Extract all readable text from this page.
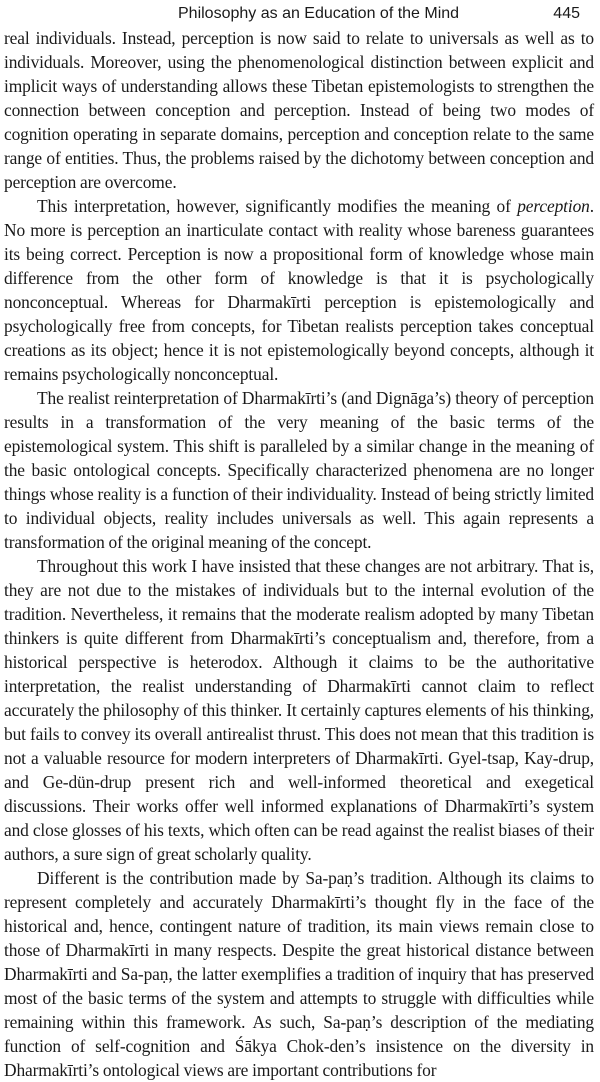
Philosophy as an Education of the Mind	445

real individuals. Instead, perception is now said to relate to universals as well as to individuals. Moreover, using the phenomenological distinction between explicit and implicit ways of understanding allows these Tibetan epistemologists to strengthen the connection between conception and perception. Instead of being two modes of cognition operating in separate domains, perception and conception relate to the same range of entities. Thus, the problems raised by the dichotomy between conception and perception are overcome.

This interpretation, however, significantly modifies the meaning of perception. No more is perception an inarticulate contact with reality whose bareness guarantees its being correct. Perception is now a propositional form of knowledge whose main difference from the other form of knowledge is that it is psychologically nonconceptual. Whereas for Dharmakīrti perception is epistemologically and psychologically free from concepts, for Tibetan realists perception takes conceptual creations as its object; hence it is not epistemologically beyond concepts, although it remains psychologically nonconceptual.

The realist reinterpretation of Dharmakīrti’s (and Dignāga’s) theory of perception results in a transformation of the very meaning of the basic terms of the epistemological system. This shift is paralleled by a similar change in the meaning of the basic ontological concepts. Specifically characterized phenomena are no longer things whose reality is a function of their individuality. Instead of being strictly limited to individual objects, reality includes universals as well. This again represents a transformation of the original meaning of the concept.

Throughout this work I have insisted that these changes are not arbitrary. That is, they are not due to the mistakes of individuals but to the internal evolution of the tradition. Nevertheless, it remains that the moderate realism adopted by many Tibetan thinkers is quite different from Dharmakīrti’s conceptualism and, therefore, from a historical perspective is heterodox. Although it claims to be the authoritative interpretation, the realist understanding of Dharmakīrti cannot claim to reflect accurately the philosophy of this thinker. It certainly captures elements of his thinking, but fails to convey its overall antirealist thrust. This does not mean that this tradition is not a valuable resource for modern interpreters of Dharmakīrti. Gyel-tsap, Kay-drup, and Ge-dün-drup present rich and well-informed theoretical and exegetical discussions. Their works offer well informed explanations of Dharmakīrti’s system and close glosses of his texts, which often can be read against the realist biases of their authors, a sure sign of great scholarly quality.

Different is the contribution made by Sa-paṇ’s tradition. Although its claims to represent completely and accurately Dharmakīrti’s thought fly in the face of the historical and, hence, contingent nature of tradition, its main views remain close to those of Dharmakīrti in many respects. Despite the great historical distance between Dharmakīrti and Sa-paṇ, the latter exemplifies a tradition of inquiry that has preserved most of the basic terms of the system and attempts to struggle with difficulties while remaining within this framework. As such, Sa-paṇ’s description of the mediating function of self-cognition and Śākya Chok-den’s insistence on the diversity in Dharmakīrti’s ontological views are important contributions for
